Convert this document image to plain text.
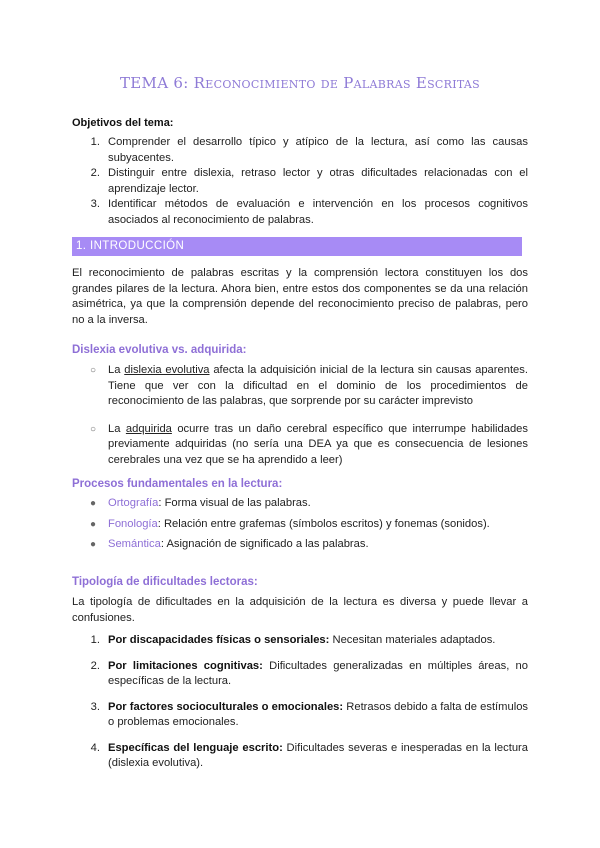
TEMA 6: Reconocimiento de Palabras Escritas
Objetivos del tema:
1. Comprender el desarrollo típico y atípico de la lectura, así como las causas subyacentes.
2. Distinguir entre dislexia, retraso lector y otras dificultades relacionadas con el aprendizaje lector.
3. Identificar métodos de evaluación e intervención en los procesos cognitivos asociados al reconocimiento de palabras.
1. INTRODUCCIÓN

El reconocimiento de palabras escritas y la comprensión lectora constituyen los dos grandes pilares de la lectura. Ahora bien, entre estos dos componentes se da una relación asimétrica, ya que la comprensión depende del reconocimiento preciso de palabras, pero no a la inversa.

Dislexia evolutiva vs. adquirida:
○	La dislexia evolutiva afecta la adquisición inicial de la lectura sin causas aparentes. Tiene que ver con la dificultad en el dominio de los procedimientos de reconocimiento de las palabras, que sorprende por su carácter imprevisto
○	La adquirida ocurre tras un daño cerebral específico que interrumpe habilidades previamente adquiridas (no sería una DEA ya que es consecuencia de lesiones cerebrales una vez que se ha aprendido a leer)
Procesos fundamentales en la lectura:
●	Ortografía: Forma visual de las palabras.
●	Fonología: Relación entre grafemas (símbolos escritos) y fonemas (sonidos).
●	Semántica: Asignación de significado a las palabras.
Tipología de dificultades lectoras:

La tipología de dificultades en la adquisición de la lectura es diversa y puede llevar a confusiones.

1. Por discapacidades físicas o sensoriales: Necesitan materiales adaptados.
2. Por limitaciones cognitivas: Dificultades generalizadas en múltiples áreas, no específicas de la lectura.
3. Por factores socioculturales o emocionales: Retrasos debido a falta de estímulos o problemas emocionales.
4. Específicas del lenguaje escrito: Dificultades severas e inesperadas en la lectura (dislexia evolutiva).
